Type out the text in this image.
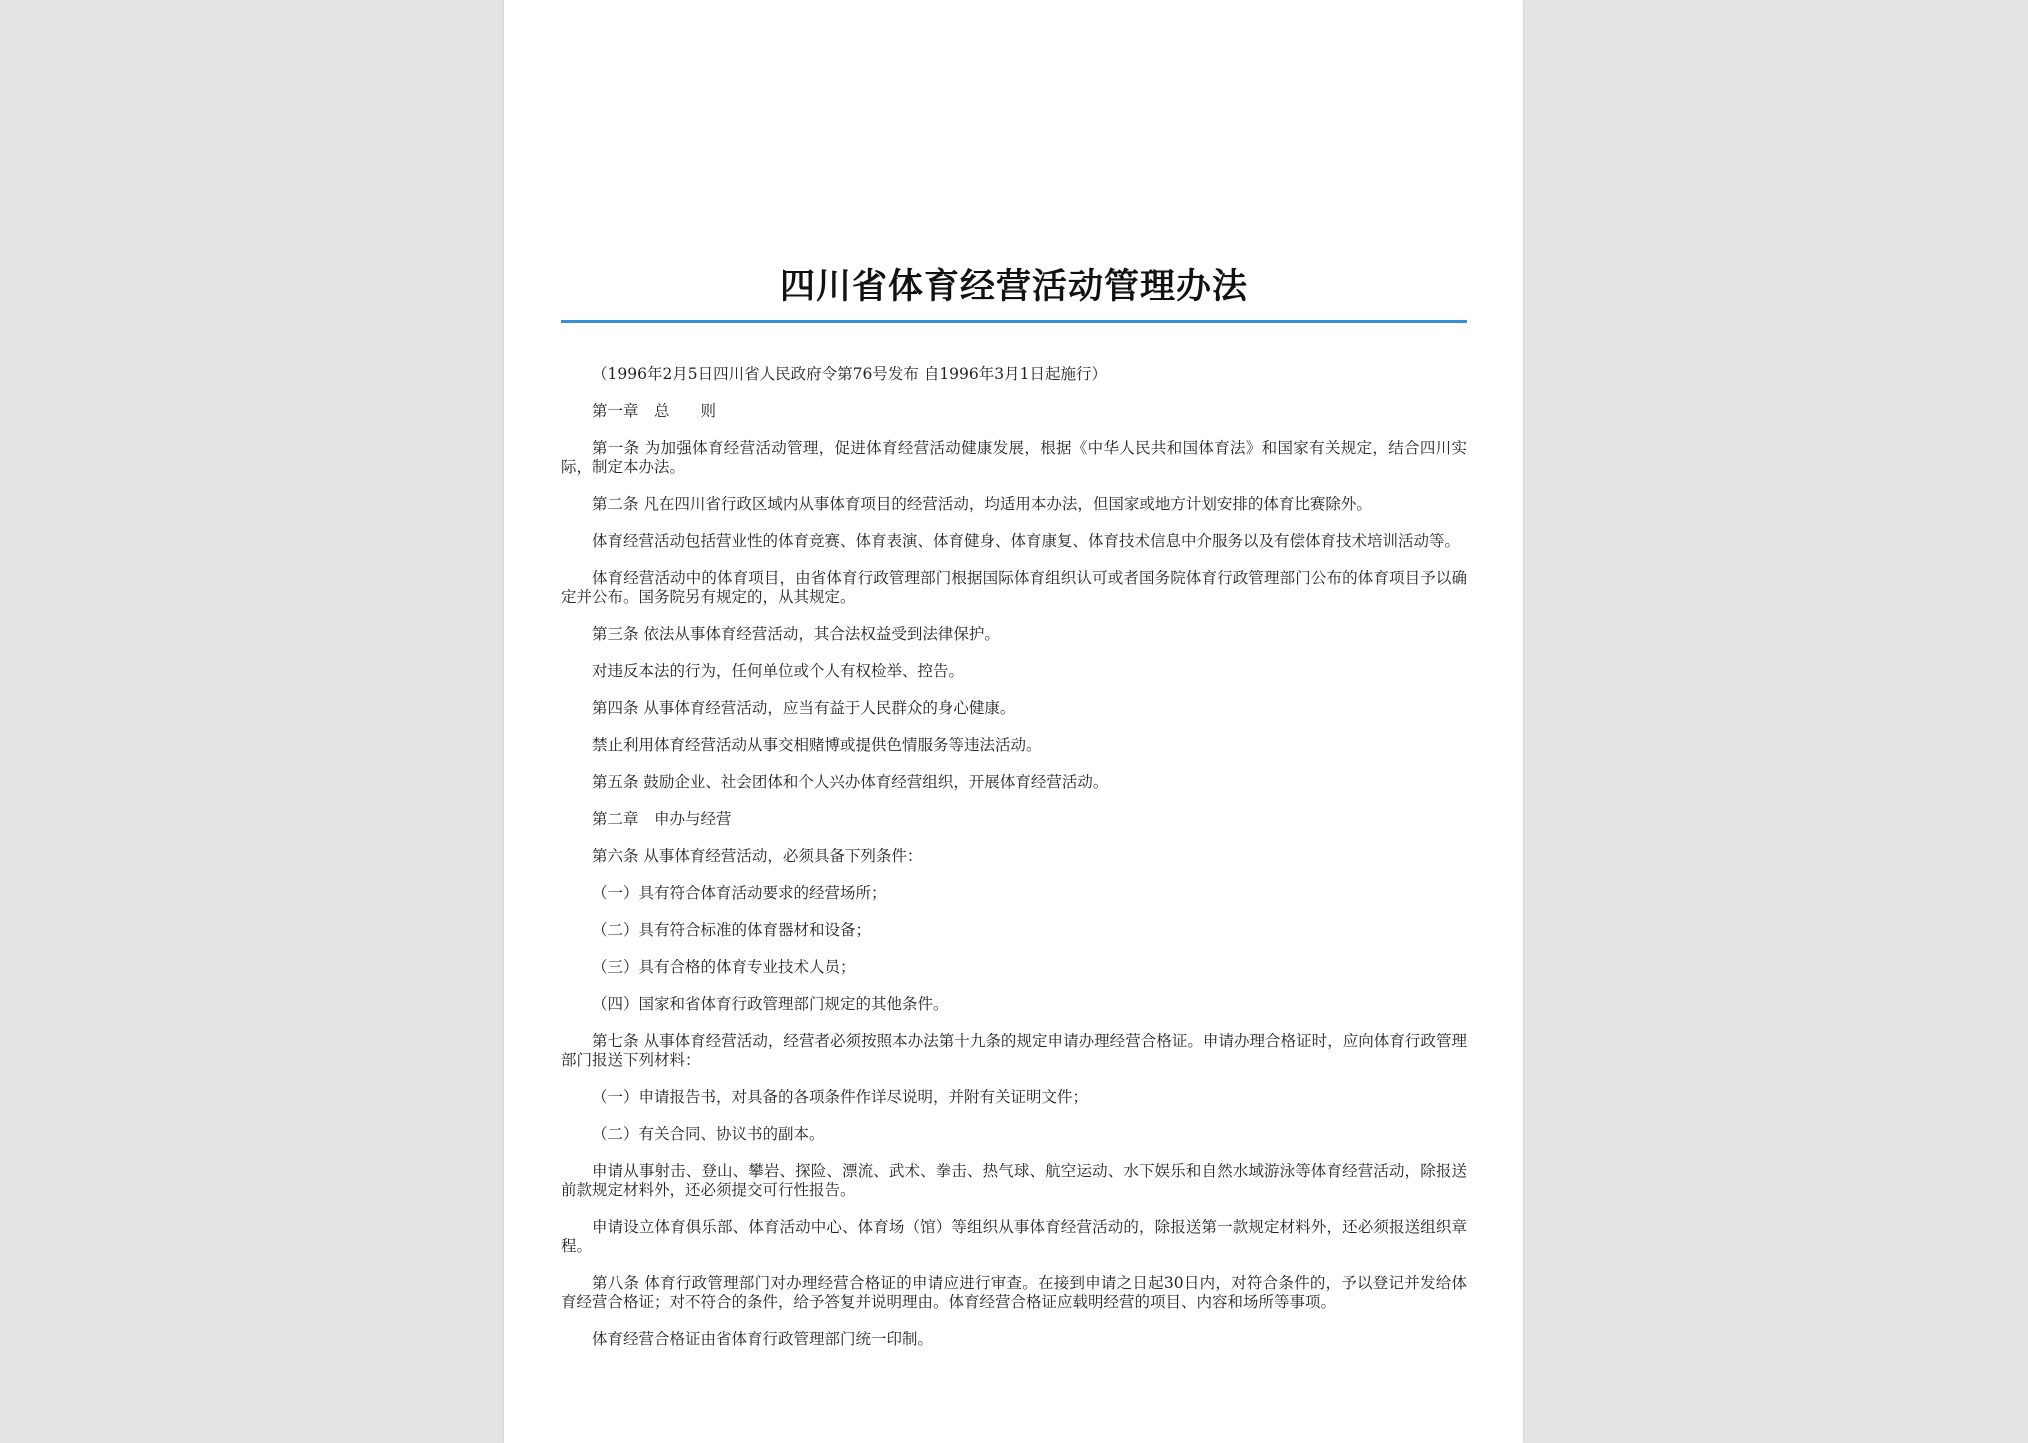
四川省体育经营活动管理办法

（1996年2月5日四川省人民政府令第76号发布 自1996年3月1日起施行）

第一章　总　　则

第一条 为加强体育经营活动管理，促进体育经营活动健康发展，根据《中华人民共和国体育法》和国家有关规定，结合四川实际，制定本办法。

第二条 凡在四川省行政区域内从事体育项目的经营活动，均适用本办法，但国家或地方计划安排的体育比赛除外。

体育经营活动包括营业性的体育竞赛、体育表演、体育健身、体育康复、体育技术信息中介服务以及有偿体育技术培训活动等。

体育经营活动中的体育项目，由省体育行政管理部门根据国际体育组织认可或者国务院体育行政管理部门公布的体育项目予以确定并公布。国务院另有规定的，从其规定。

第三条 依法从事体育经营活动，其合法权益受到法律保护。

对违反本法的行为，任何单位或个人有权检举、控告。

第四条 从事体育经营活动，应当有益于人民群众的身心健康。

禁止利用体育经营活动从事交相赌博或提供色情服务等违法活动。

第五条 鼓励企业、社会团体和个人兴办体育经营组织，开展体育经营活动。

第二章　申办与经营

第六条 从事体育经营活动，必须具备下列条件：

（一）具有符合体育活动要求的经营场所；

（二）具有符合标准的体育器材和设备；

（三）具有合格的体育专业技术人员；

（四）国家和省体育行政管理部门规定的其他条件。

第七条 从事体育经营活动，经营者必须按照本办法第十九条的规定申请办理经营合格证。申请办理合格证时，应向体育行政管理部门报送下列材料：

（一）申请报告书，对具备的各项条件作详尽说明，并附有关证明文件；

（二）有关合同、协议书的副本。

申请从事射击、登山、攀岩、探险、漂流、武术、拳击、热气球、航空运动、水下娱乐和自然水域游泳等体育经营活动，除报送前款规定材料外，还必须提交可行性报告。

申请设立体育俱乐部、体育活动中心、体育场（馆）等组织从事体育经营活动的，除报送第一款规定材料外，还必须报送组织章程。

第八条 体育行政管理部门对办理经营合格证的申请应进行审查。在接到申请之日起30日内，对符合条件的，予以登记并发给体育经营合格证；对不符合的条件，给予答复并说明理由。体育经营合格证应载明经营的项目、内容和场所等事项。

体育经营合格证由省体育行政管理部门统一印制。
